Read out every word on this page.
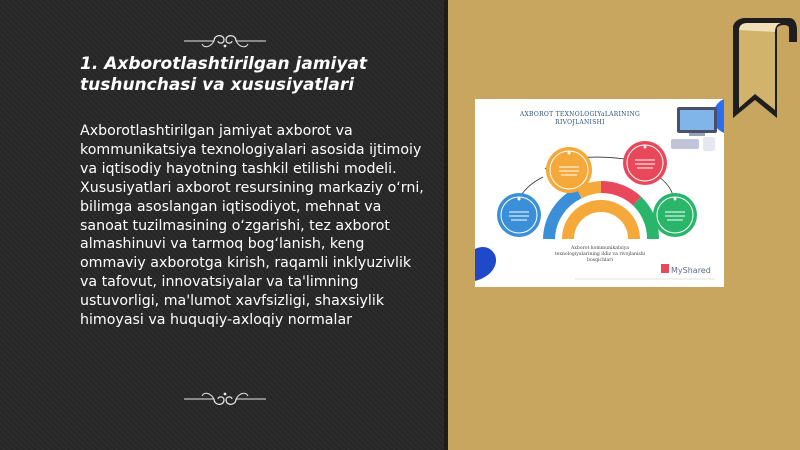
1. Axborotlashtirilgan jamiyat tushunchasi va xususiyatlari

Axborotlashtirilgan jamiyat axborot va kommunikatsiya texnologiyalari asosida ijtimoiy va iqtisodiy hayotning tashkil etilishi modeli. Xususiyatlari axborot resursining markaziy oʻrni, bilimga asoslangan iqtisodiyot, mehnat va sanoat tuzilmasining oʻzgarishi, tez axborot almashinuvi va tarmoq bogʻlanish, keng ommaviy axborotga kirish, raqamli inklyuzivlik va tafovut, innovatsiyalar va ta'limning ustuvorligi, ma'lumot xavfsizligi, shaxsiylik himoyasi va huquqiy-axloqiy normalar

AXBOROT TEXNOLOGIYaLARINING RIVOJLANISHI
Axborot kommunikatsiya texnologiyalarining ildiz va rivojlanishi bosqichlari
MyShared
